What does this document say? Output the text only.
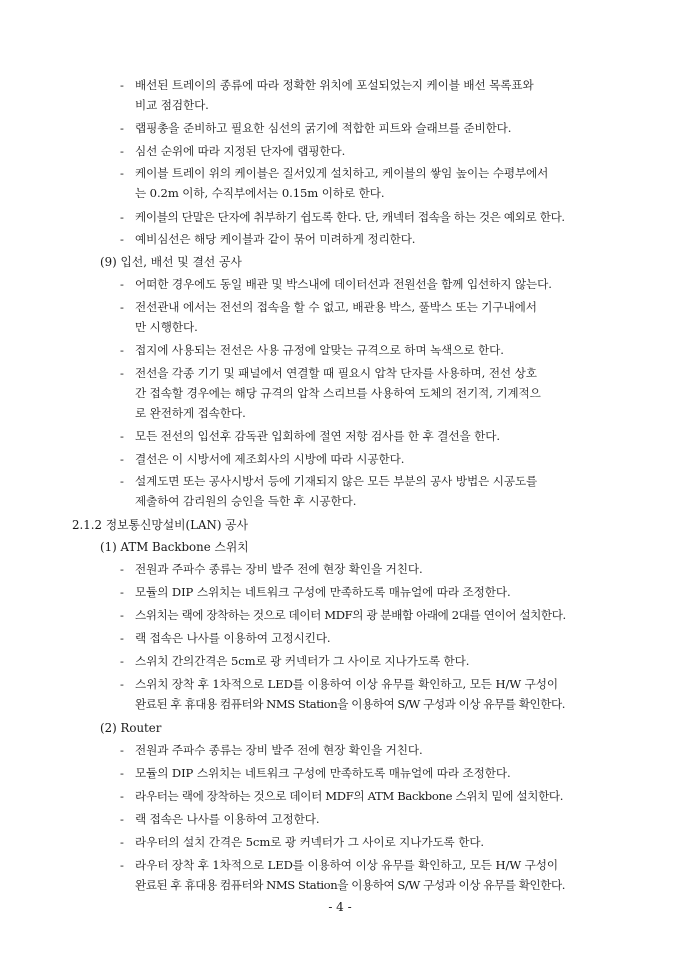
- 배선된 트레이의 종류에 따라 정확한 위치에 포설되었는지 케이블 배선 목록표와
비교 점검한다.
- 랩핑총을 준비하고 필요한 심선의 굵기에 적합한 피트와 슬래브를 준비한다.
- 심선 순위에 따라 지정된 단자에 랩핑한다.
- 케이블 트레이 위의 케이블은 질서있게 설치하고, 케이블의 쌓임 높이는 수평부에서
는 0.2m 이하, 수직부에서는 0.15m 이하로 한다.
- 케이블의 단말은 단자에 취부하기 쉽도록 한다. 단, 캐넥터 접속을 하는 것은 예외로 한다.
- 예비심선은 해당 케이블과 같이 묶어 미려하게 정리한다.
(9) 입선, 배선 및 결선 공사
- 어떠한 경우에도 동일 배관 및 박스내에 데이터선과 전원선을 함께 입선하지 않는다.
- 전선관내 에서는 전선의 접속을 할 수 없고, 배관용 박스, 풀박스 또는 기구내에서
만 시행한다.
- 접지에 사용되는 전선은 사용 규정에 알맞는 규격으로 하며 녹색으로 한다.
- 전선을 각종 기기 및 패널에서 연결할 때 필요시 압착 단자를 사용하며, 전선 상호
간 접속할 경우에는 해당 규격의 압착 스리브를 사용하여 도체의 전기적, 기계적으
로 완전하게 접속한다.
- 모든 전선의 입선후 감독관 입회하에 절연 저항 검사를 한 후 결선을 한다.
- 결선은 이 시방서에 제조회사의 시방에 따라 시공한다.
- 설계도면 또는 공사시방서 등에 기재되지 않은 모든 부분의 공사 방법은 시공도를
제출하여 감리원의 승인을 득한 후 시공한다.
2.1.2 정보통신망설비(LAN) 공사
(1) ATM Backbone 스위치
- 전원과 주파수 종류는 장비 발주 전에 현장 확인을 거친다.
- 모듈의 DIP 스위치는 네트워크 구성에 만족하도록 매뉴얼에 따라 조정한다.
- 스위치는 랙에 장착하는 것으로 데이터 MDF의 광 분배함 아래에 2대를 연이어 설치한다.
- 랙 접속은 나사를 이용하여 고정시킨다.
- 스위치 간의간격은 5cm로 광 커넥터가 그 사이로 지나가도록 한다.
- 스위치 장착 후 1차적으로 LED를 이용하여 이상 유무를 확인하고, 모든 H/W 구성이
완료된 후 휴대용 컴퓨터와 NMS Station을 이용하여 S/W 구성과 이상 유무를 확인한다.
(2) Router
- 전원과 주파수 종류는 장비 발주 전에 현장 확인을 거친다.
- 모듈의 DIP 스위치는 네트워크 구성에 만족하도록 매뉴얼에 따라 조정한다.
- 라우터는 랙에 장착하는 것으로 데이터 MDF의 ATM Backbone 스위치 밑에 설치한다.
- 랙 접속은 나사를 이용하여 고정한다.
- 라우터의 설치 간격은 5cm로 광 커넥터가 그 사이로 지나가도록 한다.
- 라우터 장착 후 1차적으로 LED를 이용하여 이상 유무를 확인하고, 모든 H/W 구성이
완료된 후 휴대용 컴퓨터와 NMS Station을 이용하여 S/W 구성과 이상 유무를 확인한다.
- 4 -
